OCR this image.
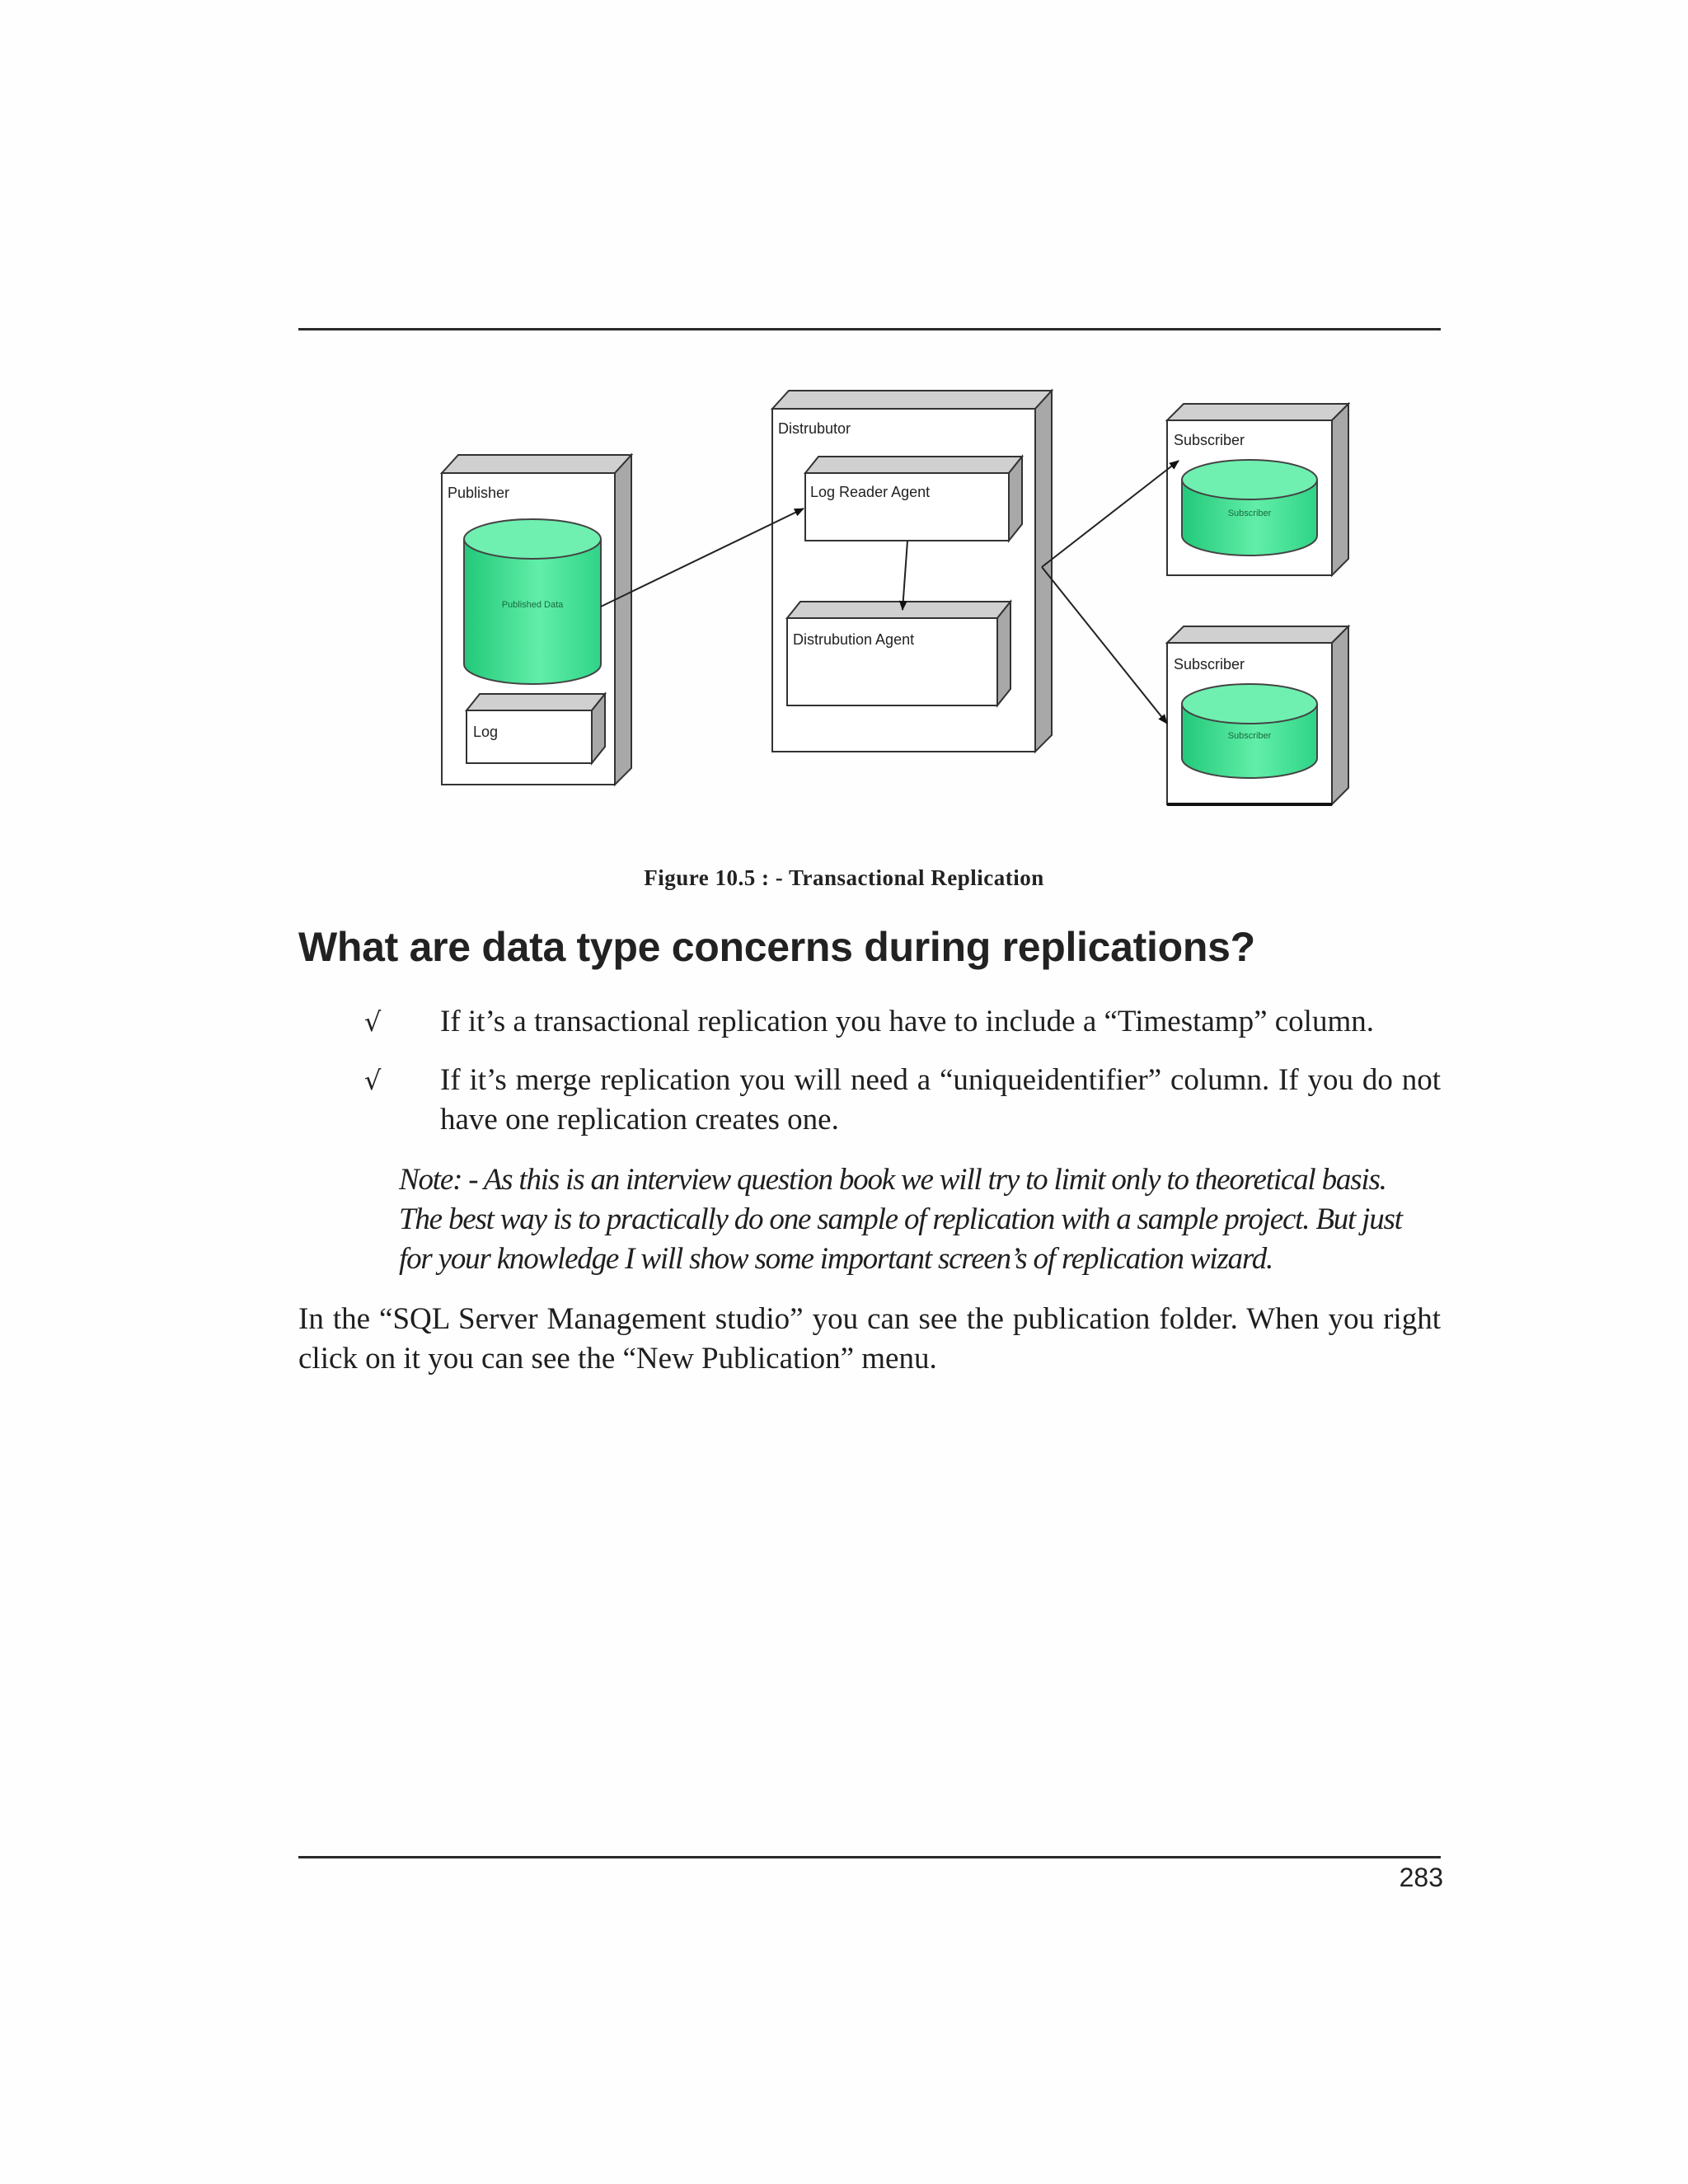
Publisher
Published Data
Log
Distrubutor
Log Reader Agent
Distrubution Agent
Subscriber
Subscriber
Subscriber
Subscriber
Figure 10.5 : - Transactional Replication
What are data type concerns during replications?
√ If it’s a transactional replication you have to include a “Timestamp” column.
√ If it’s merge replication you will need a “uniqueidentifier” column. If you do not have one replication creates one.
Note: - As this is an interview question book we will try to limit only to theoretical basis. The best way is to practically do one sample of replication with a sample project. But just for your knowledge I will show some important screen’s of replication wizard.
In the “SQL Server Management studio” you can see the publication folder. When you right click on it you can see the “New Publication” menu.
283
